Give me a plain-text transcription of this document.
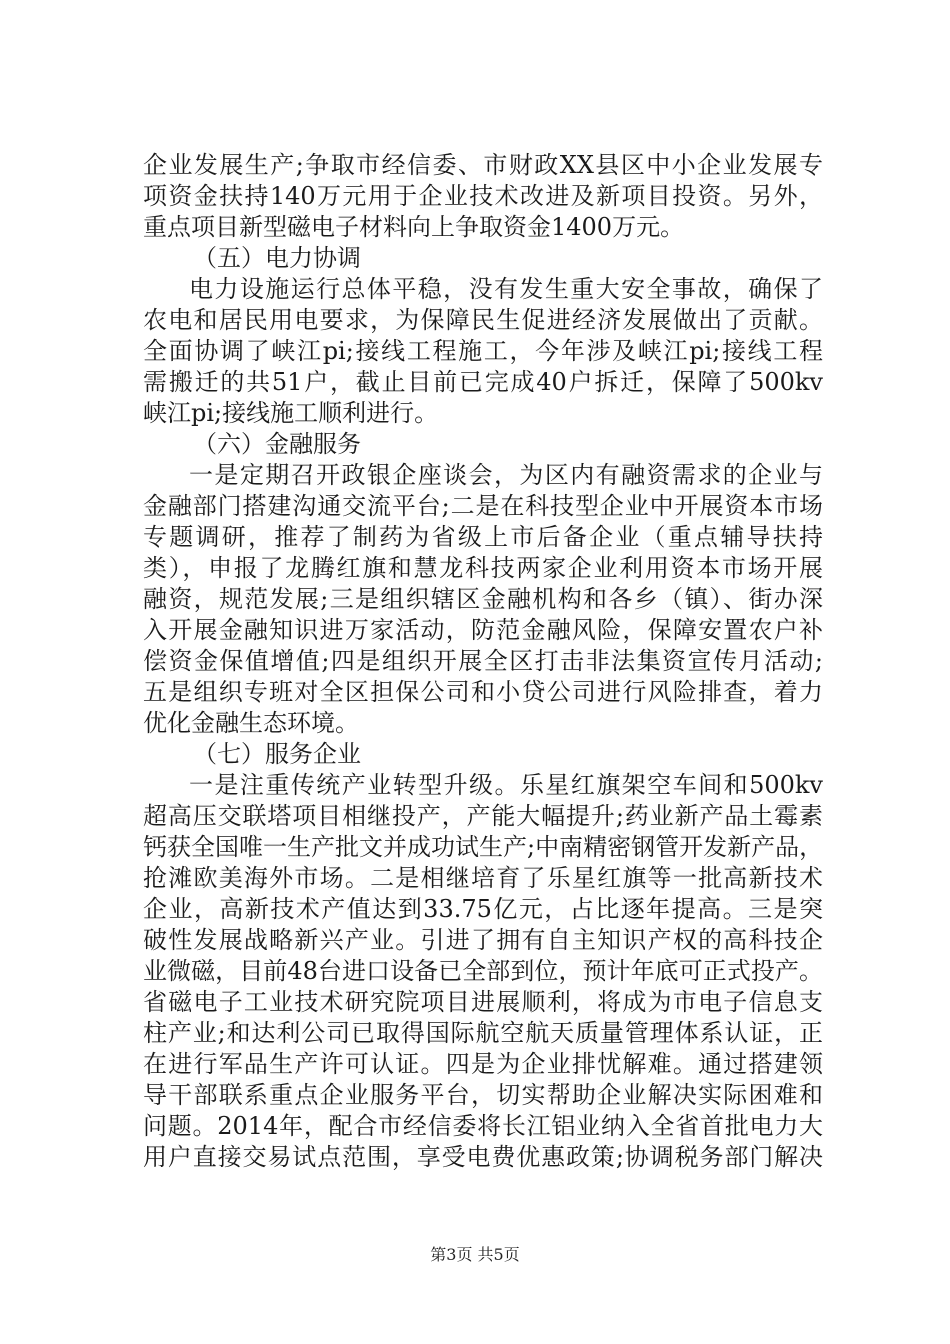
企业发展生产;争取市经信委、市财政XX县区中小企业发展专
项资金扶持140万元用于企业技术改进及新项目投资。另外，
重点项目新型磁电子材料向上争取资金1400万元。
（五）电力协调
电力设施运行总体平稳，没有发生重大安全事故，确保了
农电和居民用电要求，为保障民生促进经济发展做出了贡献。
全面协调了峡江pi;接线工程施工，今年涉及峡江pi;接线工程
需搬迁的共51户，截止目前已完成40户拆迁，保障了500kv
峡江pi;接线施工顺利进行。
（六）金融服务
一是定期召开政银企座谈会，为区内有融资需求的企业与
金融部门搭建沟通交流平台;二是在科技型企业中开展资本市场
专题调研，推荐了制药为省级上市后备企业（重点辅导扶持
类），申报了龙腾红旗和慧龙科技两家企业利用资本市场开展
融资，规范发展;三是组织辖区金融机构和各乡（镇）、街办深
入开展金融知识进万家活动，防范金融风险，保障安置农户补
偿资金保值增值;四是组织开展全区打击非法集资宣传月活动;
五是组织专班对全区担保公司和小贷公司进行风险排查，着力
优化金融生态环境。
（七）服务企业
一是注重传统产业转型升级。乐星红旗架空车间和500kv
超高压交联塔项目相继投产，产能大幅提升;药业新产品土霉素
钙获全国唯一生产批文并成功试生产;中南精密钢管开发新产品，
抢滩欧美海外市场。二是相继培育了乐星红旗等一批高新技术
企业，高新技术产值达到33.75亿元，占比逐年提高。三是突
破性发展战略新兴产业。引进了拥有自主知识产权的高科技企
业微磁，目前48台进口设备已全部到位，预计年底可正式投产。
省磁电子工业技术研究院项目进展顺利，将成为市电子信息支
柱产业;和达利公司已取得国际航空航天质量管理体系认证，正
在进行军品生产许可认证。四是为企业排忧解难。通过搭建领
导干部联系重点企业服务平台，切实帮助企业解决实际困难和
问题。2014年，配合市经信委将长江铝业纳入全省首批电力大
用户直接交易试点范围，享受电费优惠政策;协调税务部门解决
第3页 共5页
